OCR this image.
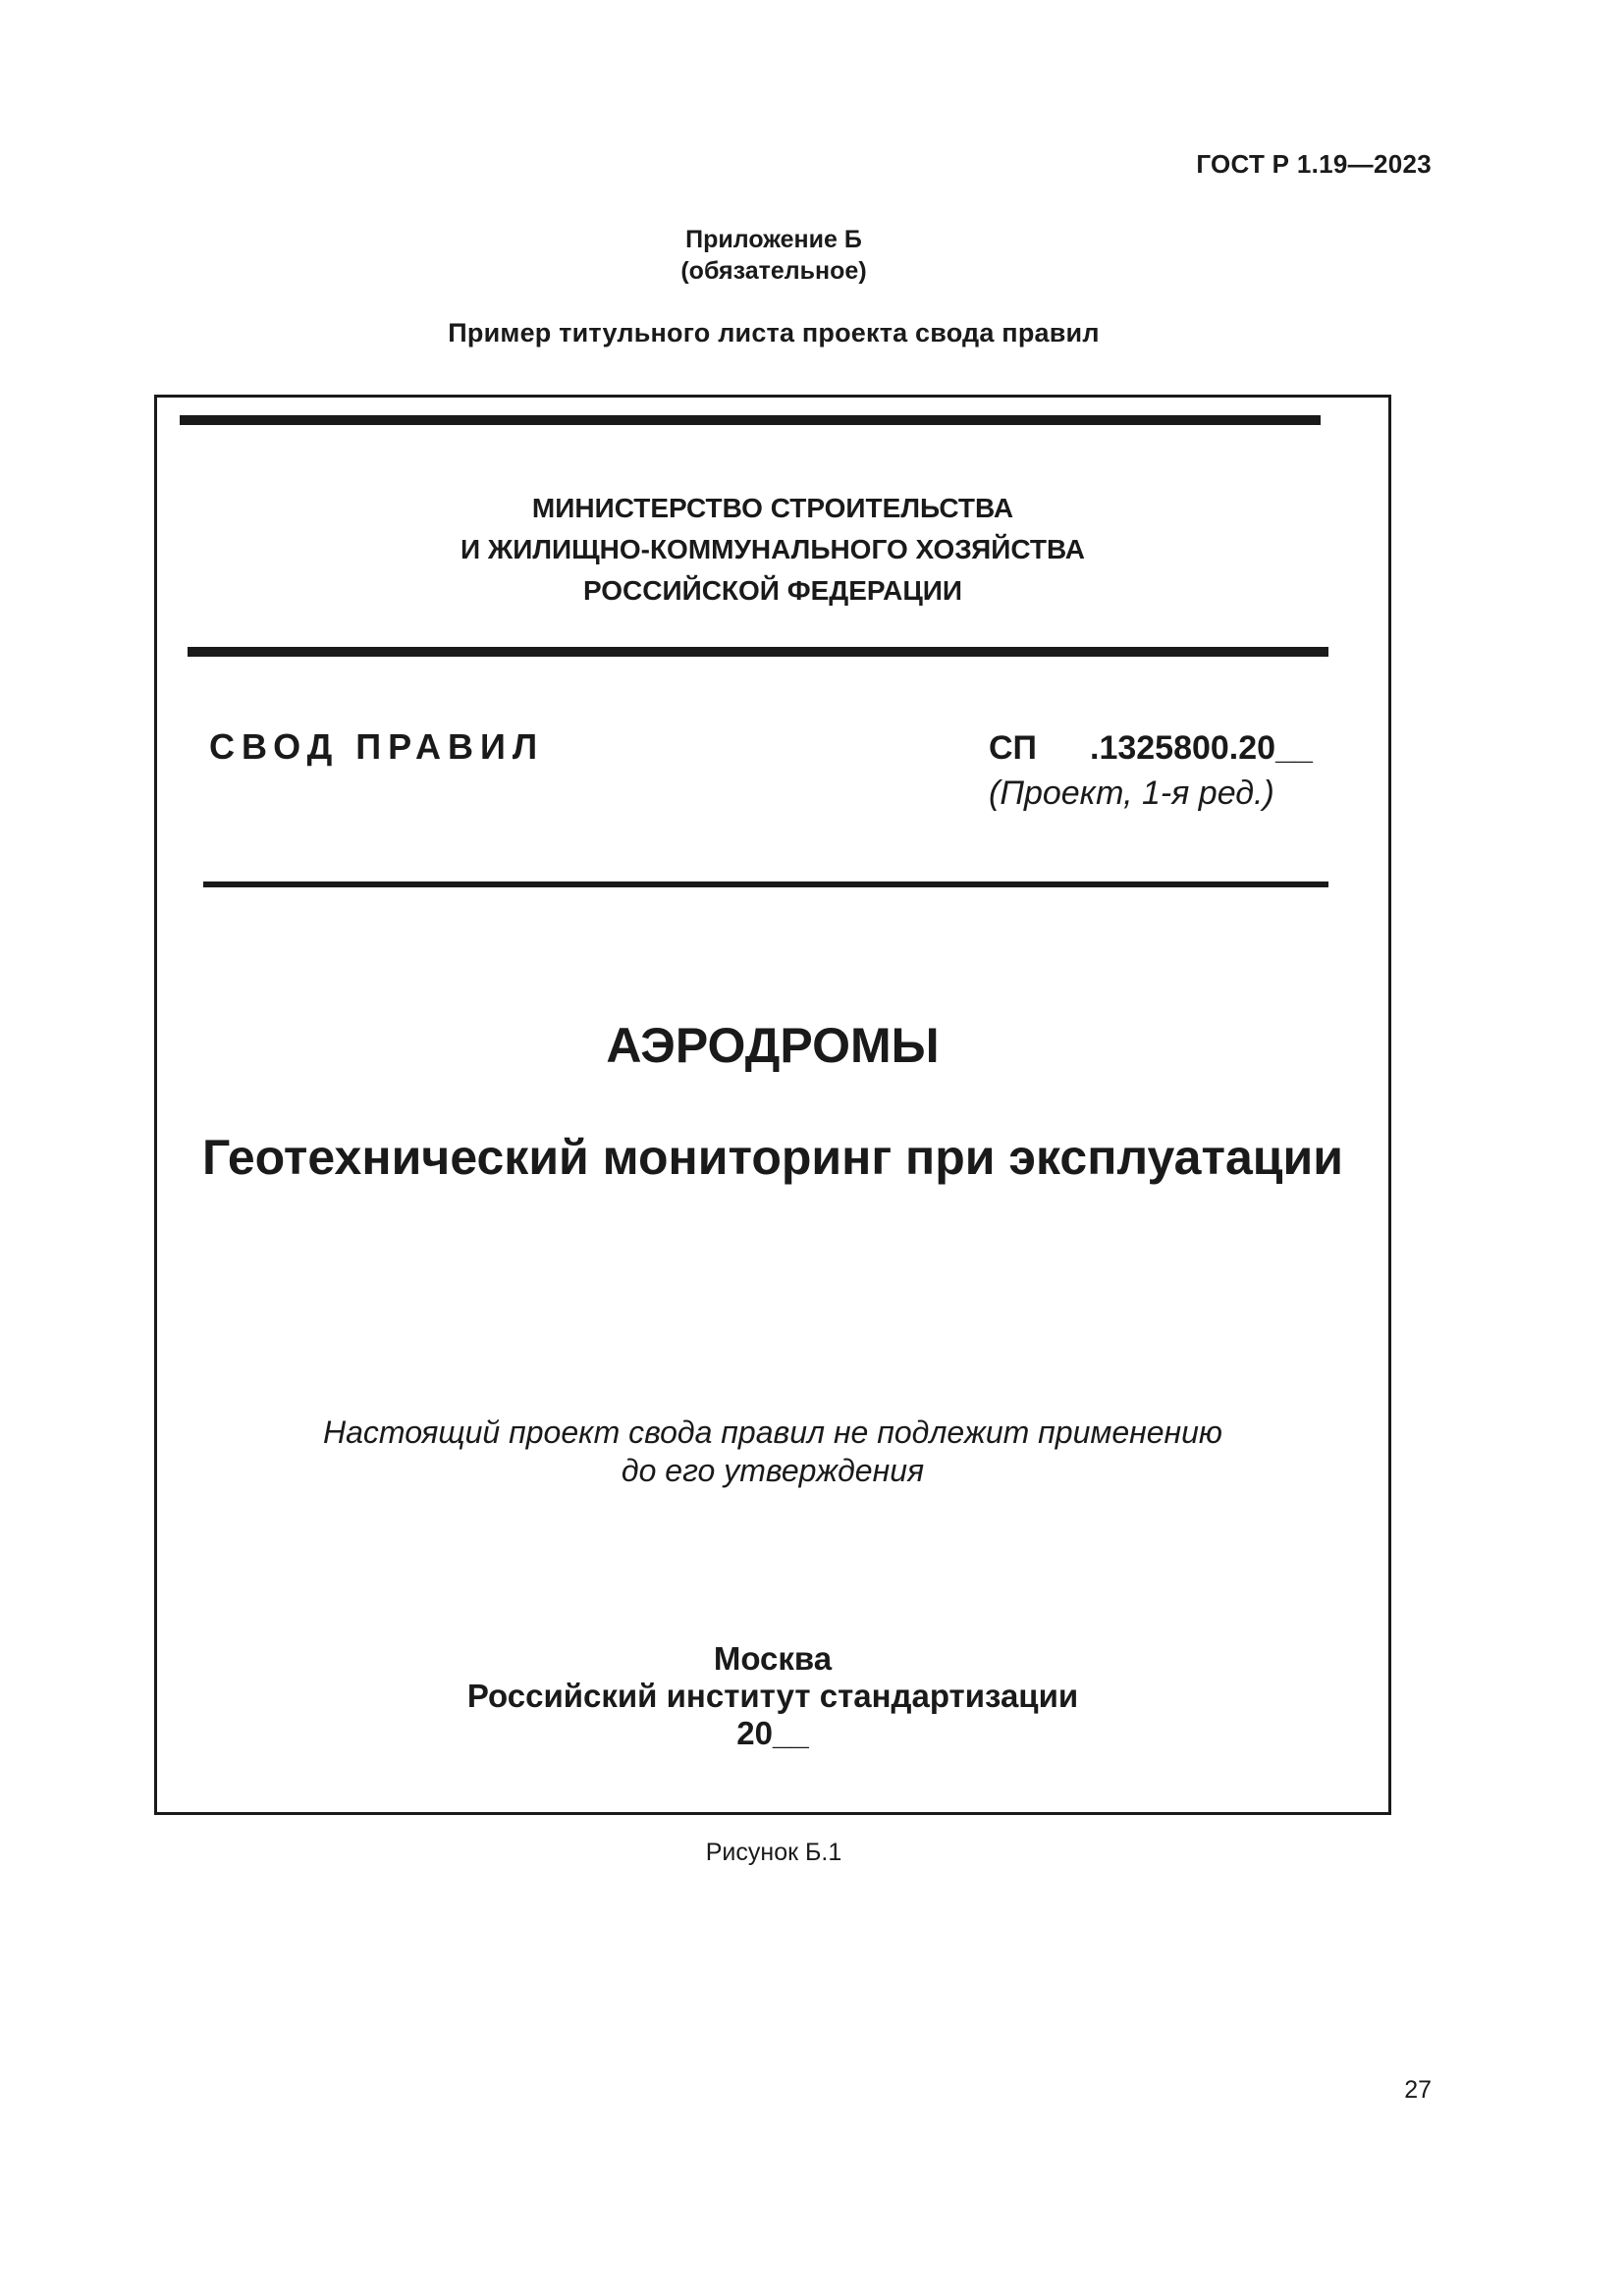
ГОСТ Р 1.19—2023
Приложение Б
(обязательное)
Пример титульного листа проекта свода правил
МИНИСТЕРСТВО СТРОИТЕЛЬСТВА
И ЖИЛИЩНО-КОММУНАЛЬНОГО ХОЗЯЙСТВА
РОССИЙСКОЙ ФЕДЕРАЦИИ
СВОД ПРАВИЛ	СП .1325800.20__
(Проект, 1-я ред.)
АЭРОДРОМЫ
Геотехнический мониторинг при эксплуатации
Настоящий проект свода правил не подлежит применению
до его утверждения
Москва
Российский институт стандартизации
20__
Рисунок Б.1
27
